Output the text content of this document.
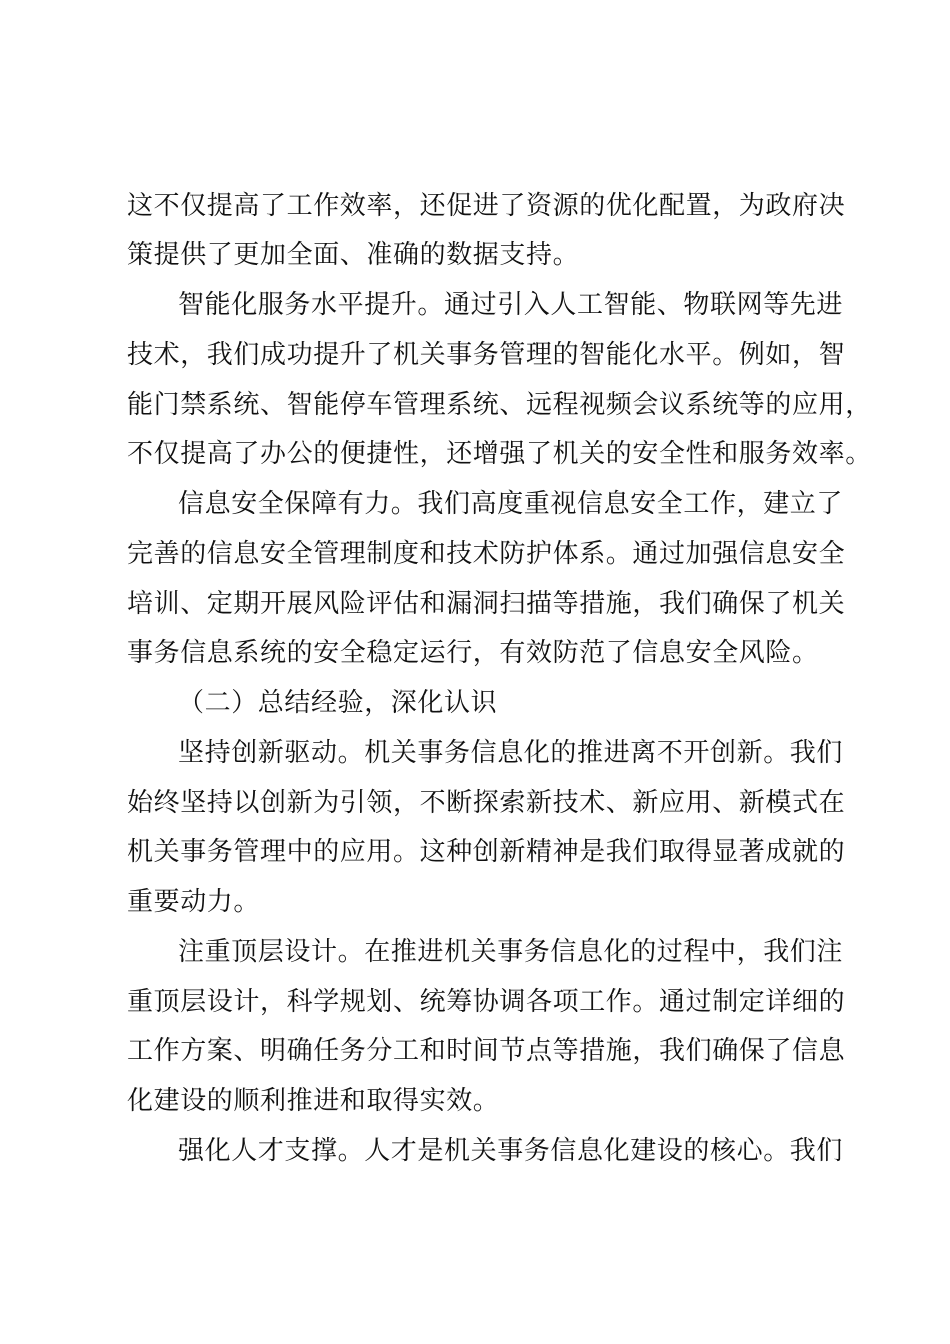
这不仅提高了工作效率，还促进了资源的优化配置，为政府决
策提供了更加全面、准确的数据支持。
智能化服务水平提升。通过引入人工智能、物联网等先进
技术，我们成功提升了机关事务管理的智能化水平。例如，智
能门禁系统、智能停车管理系统、远程视频会议系统等的应用，
不仅提高了办公的便捷性，还增强了机关的安全性和服务效率。
信息安全保障有力。我们高度重视信息安全工作，建立了
完善的信息安全管理制度和技术防护体系。通过加强信息安全
培训、定期开展风险评估和漏洞扫描等措施，我们确保了机关
事务信息系统的安全稳定运行，有效防范了信息安全风险。
（二）总结经验，深化认识
坚持创新驱动。机关事务信息化的推进离不开创新。我们
始终坚持以创新为引领，不断探索新技术、新应用、新模式在
机关事务管理中的应用。这种创新精神是我们取得显著成就的
重要动力。
注重顶层设计。在推进机关事务信息化的过程中，我们注
重顶层设计，科学规划、统筹协调各项工作。通过制定详细的
工作方案、明确任务分工和时间节点等措施，我们确保了信息
化建设的顺利推进和取得实效。
强化人才支撑。人才是机关事务信息化建设的核心。我们
